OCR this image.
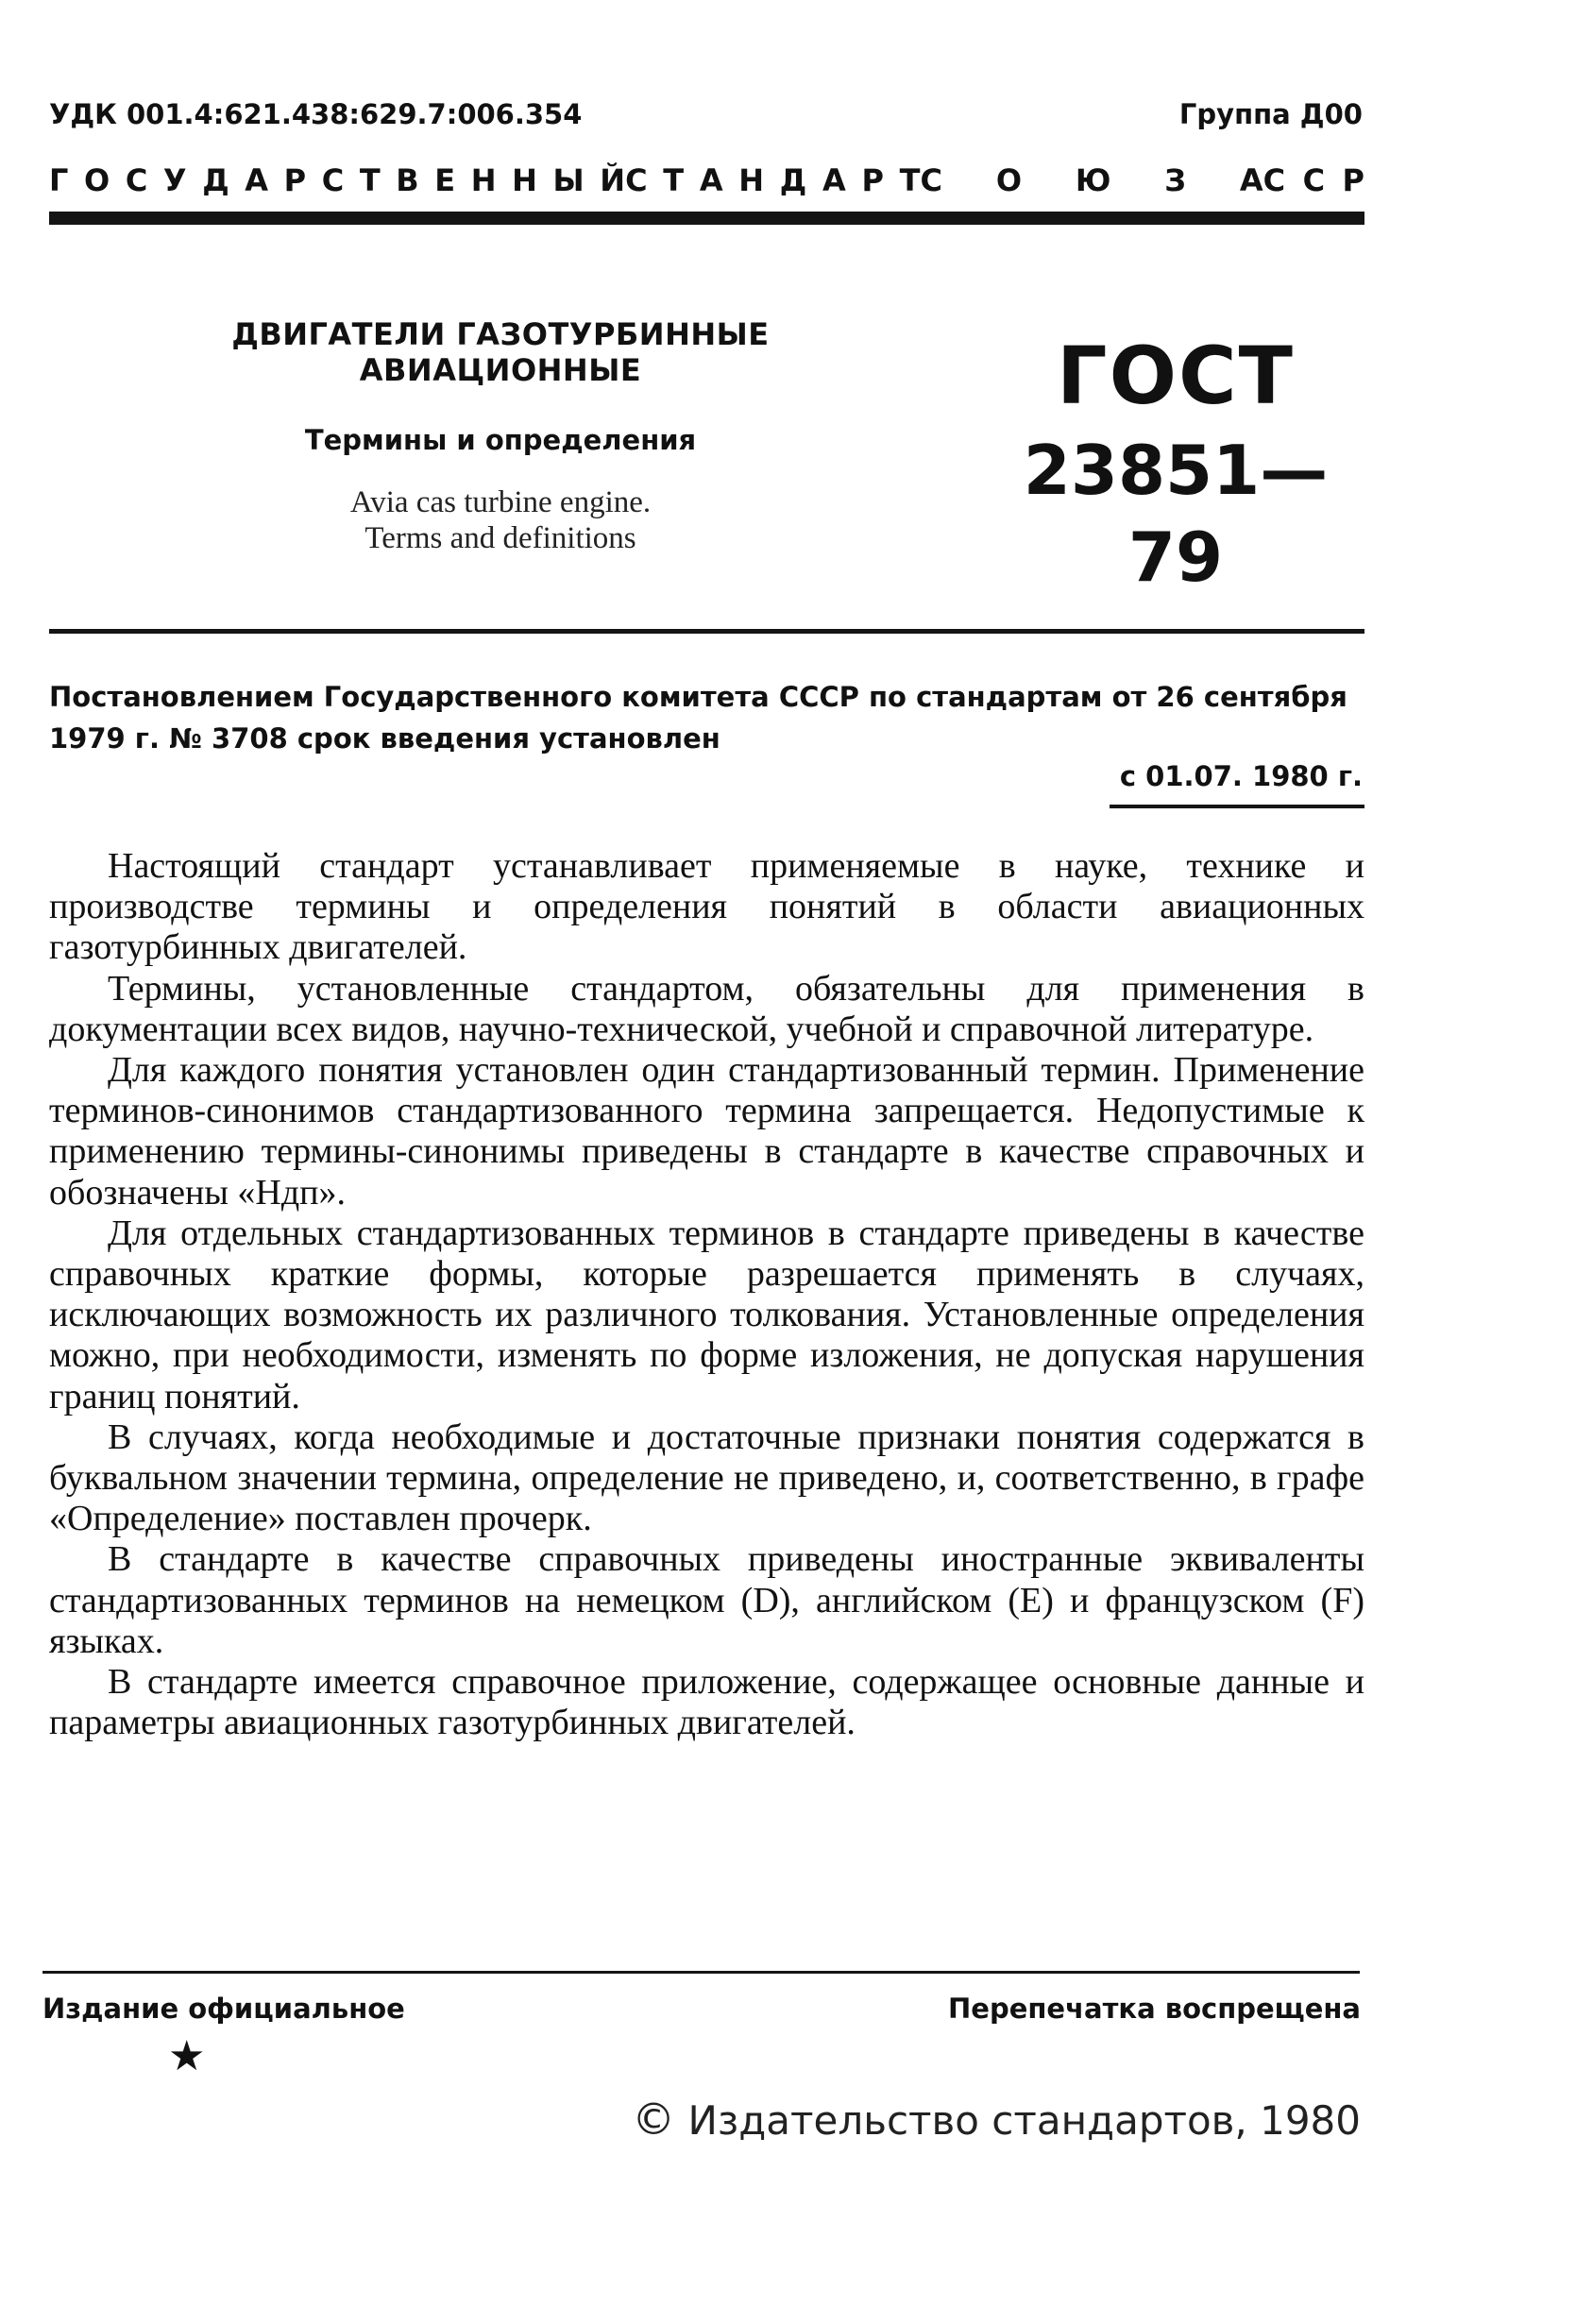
УДК 001.4:621.438:629.7:006.354	Группа Д00
Г О С У Д А Р С Т В Е Н Н Ы Й С Т А Н Д А Р Т С О Ю З А С С Р
ДВИГАТЕЛИ ГАЗОТУРБИННЫЕ АВИАЦИОННЫЕ
Термины и определения
Avia cas turbine engine.
Terms and definitions
ГОСТ
23851—79
Постановлением Государственного комитета СССР по стандартам от 26 сентября 1979 г. № 3708 срок введения установлен
с 01.07. 1980 г.

Настоящий стандарт устанавливает применяемые в науке, технике и производстве термины и определения понятий в области авиационных газотурбинных двигателей.

Термины, установленные стандартом, обязательны для применения в документации всех видов, научно-технической, учебной и справочной литературе.

Для каждого понятия установлен один стандартизованный термин. Применение терминов-синонимов стандартизованного термина запрещается. Недопустимые к применению термины-синонимы приведены в стандарте в качестве справочных и обозначены «Ндп».

Для отдельных стандартизованных терминов в стандарте приведены в качестве справочных краткие формы, которые разрешается применять в случаях, исключающих возможность их различного толкования. Установленные определения можно, при необходимости, изменять по форме изложения, не допуская нарушения границ понятий.

В случаях, когда необходимые и достаточные признаки понятия содержатся в буквальном значении термина, определение не приведено, и, соответственно, в графе «Определение» поставлен прочерк.

В стандарте в качестве справочных приведены иностранные эквиваленты стандартизованных терминов на немецком (D), английском (E) и французском (F) языках.

В стандарте имеется справочное приложение, содержащее основные данные и параметры авиационных газотурбинных двигателей.

Издание официальное	Перепечатка воспрещена
★
© Издательство стандартов, 1980
